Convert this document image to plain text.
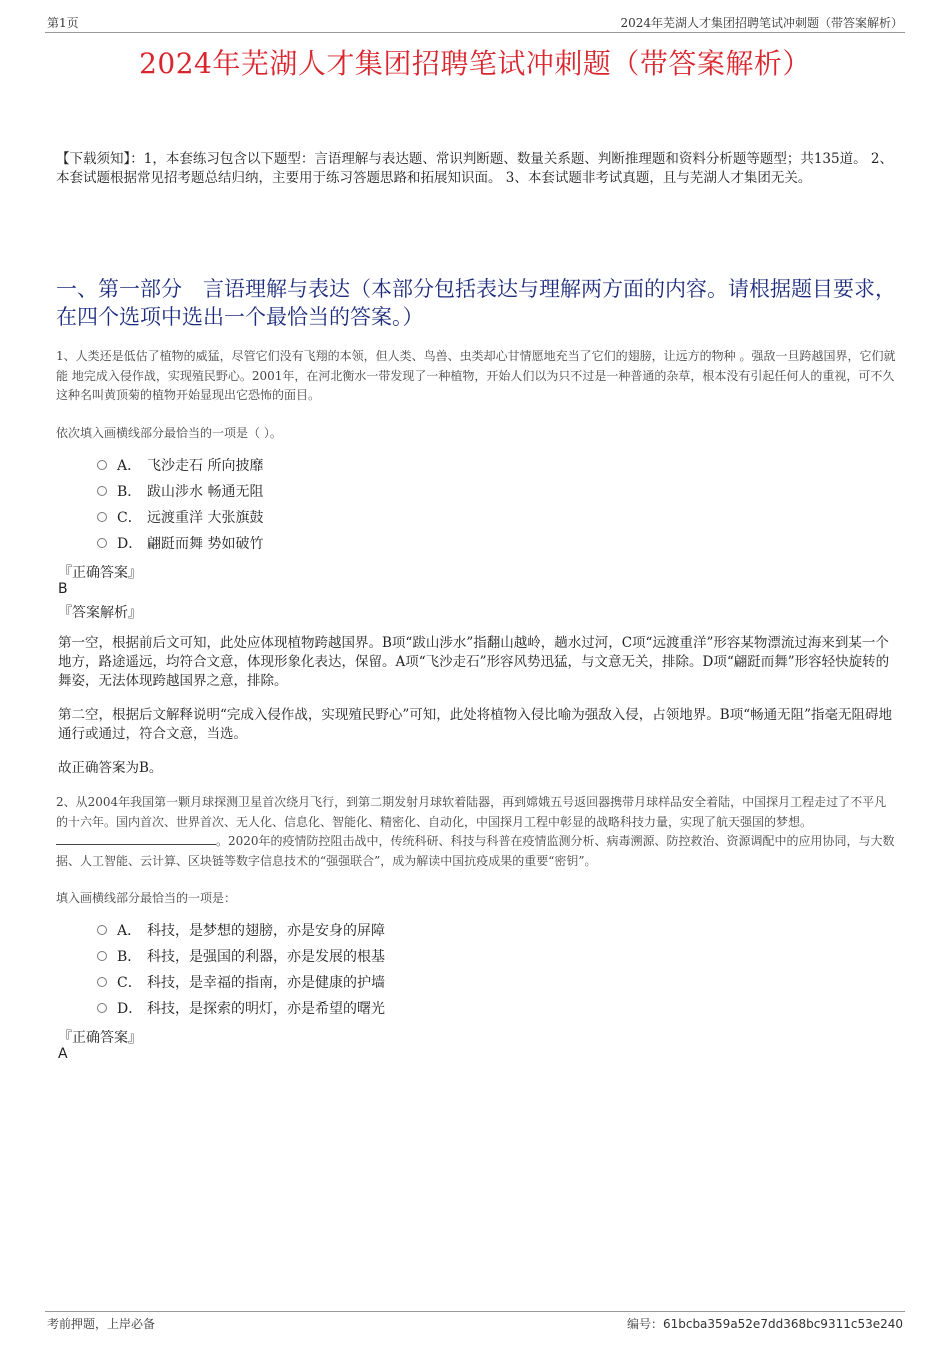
第1页	2024年芜湖人才集团招聘笔试冲刺题（带答案解析）
2024年芜湖人才集团招聘笔试冲刺题（带答案解析）
【下载须知】：1，本套练习包含以下题型：言语理解与表达题、常识判断题、数量关系题、判断推理题和资料分析题等题型；共135道。 2、本套试题根据常见招考题总结归纳，主要用于练习答题思路和拓展知识面。 3、本套试题非考试真题，且与芜湖人才集团无关。
一、第一部分　言语理解与表达（本部分包括表达与理解两方面的内容。请根据题目要求，在四个选项中选出一个最恰当的答案。）
1、人类还是低估了植物的威猛，尽管它们没有飞翔的本领，但人类、鸟兽、虫类却心甘情愿地充当了它们的翅膀，让远方的物种 。强敌一旦跨越国界，它们就能 地完成入侵作战，实现殖民野心。2001年，在河北衡水一带发现了一种植物，开始人们以为只不过是一种普通的杂草，根本没有引起任何人的重视，可不久这种名叫黄顶菊的植物开始显现出它恐怖的面目。
依次填入画横线部分最恰当的一项是（ ）。
A． 飞沙走石 所向披靡
B． 跋山涉水 畅通无阻
C． 远渡重洋 大张旗鼓
D． 翩跹而舞 势如破竹
『正确答案』
B
『答案解析』
第一空，根据前后文可知，此处应体现植物跨越国界。B项“跋山涉水”指翻山越岭，趟水过河，C项“远渡重洋”形容某物漂流过海来到某一个地方，路途遥远，均符合文意，体现形象化表达，保留。A项“飞沙走石”形容风势迅猛，与文意无关，排除。D项“翩跹而舞”形容轻快旋转的舞姿，无法体现跨越国界之意，排除。
第二空，根据后文解释说明“完成入侵作战，实现殖民野心”可知，此处将植物入侵比喻为强敌入侵，占领地界。B项“畅通无阻”指毫无阻碍地通行或通过，符合文意，当选。
故正确答案为B。
2、从2004年我国第一颗月球探测卫星首次绕月飞行，到第二期发射月球软着陆器，再到嫦娥五号返回器携带月球样品安全着陆，中国探月工程走过了不平凡的十六年。国内首次、世界首次、无人化、信息化、智能化、精密化、自动化，中国探月工程中彰显的战略科技力量，实现了航天强国的梦想。 。2020年的疫情防控阻击战中，传统科研、科技与科普在疫情监测分析、病毒溯源、防控救治、资源调配中的应用协同，与大数据、人工智能、云计算、区块链等数字信息技术的“强强联合”，成为解读中国抗疫成果的重要“密钥”。
填入画横线部分最恰当的一项是：
A． 科技，是梦想的翅膀，亦是安身的屏障
B． 科技，是强国的利器，亦是发展的根基
C． 科技，是幸福的指南，亦是健康的护墙
D． 科技，是探索的明灯，亦是希望的曙光
『正确答案』
A
考前押题，上岸必备	编号：61bcba359a52e7dd368bc9311c53e240
